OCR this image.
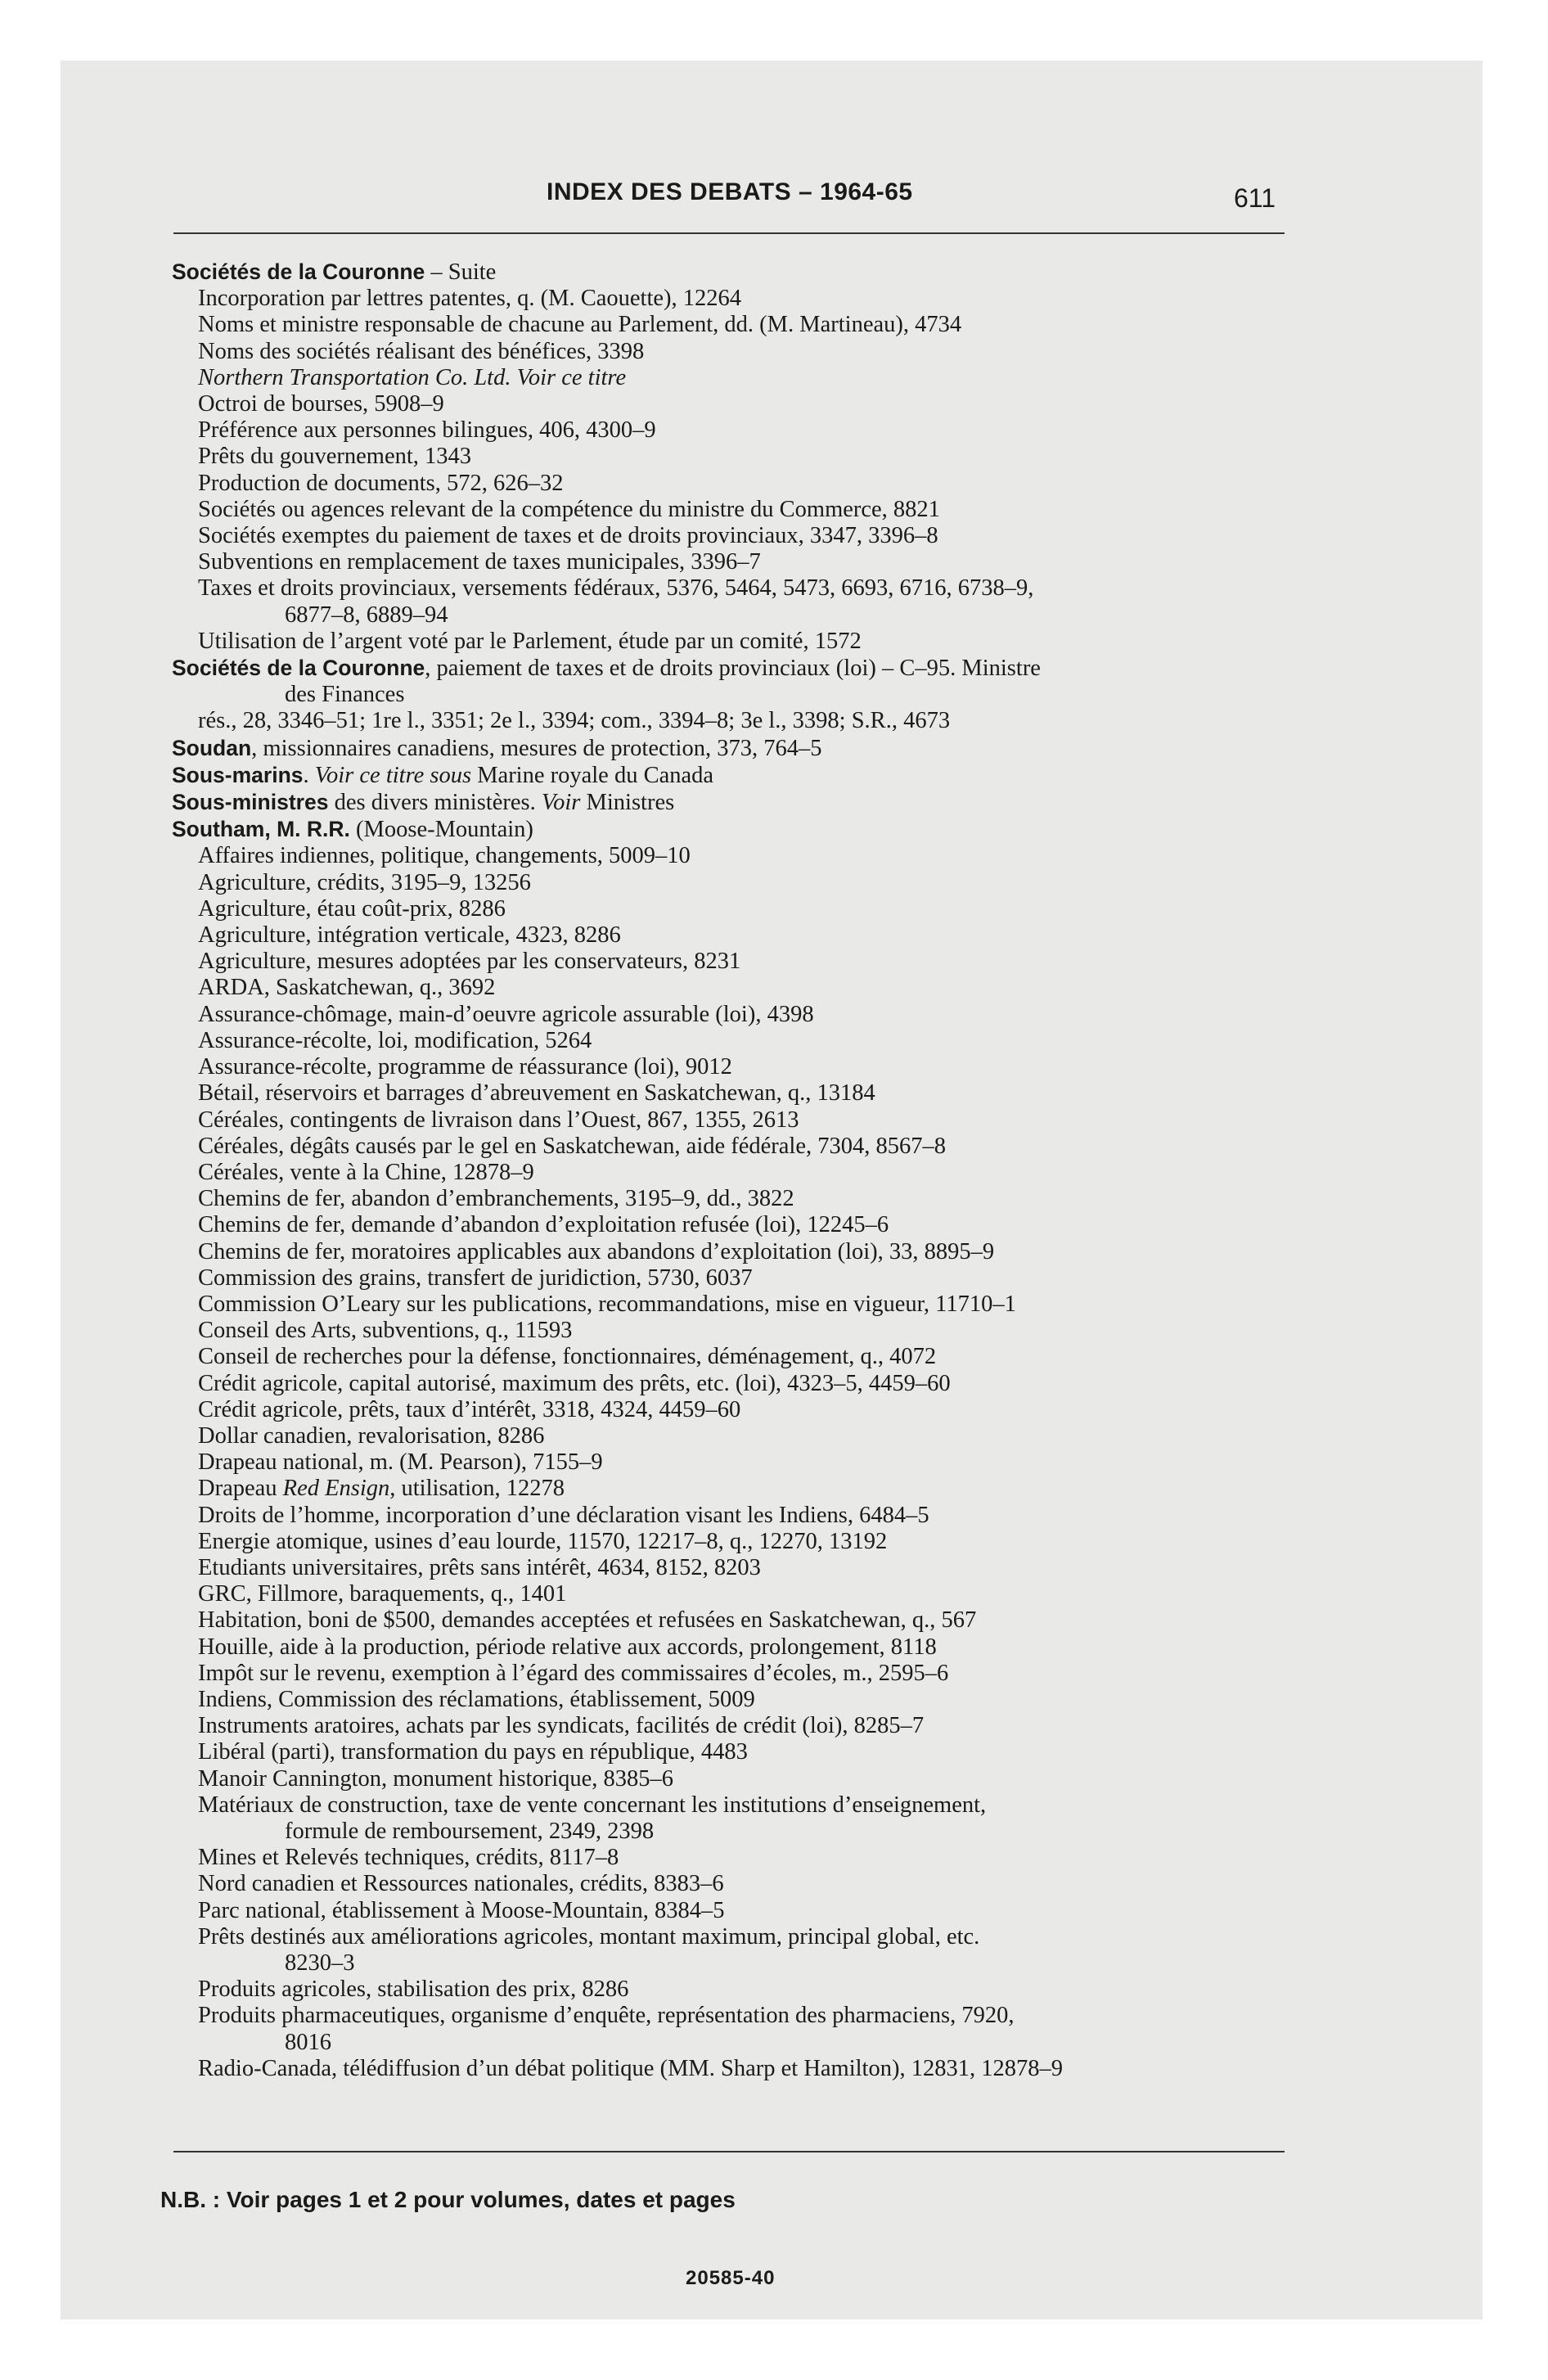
INDEX DES DEBATS – 1964-65	611
Sociétés de la Couronne – Suite
Incorporation par lettres patentes, q. (M. Caouette), 12264
Noms et ministre responsable de chacune au Parlement, dd. (M. Martineau), 4734
Noms des sociétés réalisant des bénéfices, 3398
Northern Transportation Co. Ltd. Voir ce titre
Octroi de bourses, 5908–9
Préférence aux personnes bilingues, 406, 4300–9
Prêts du gouvernement, 1343
Production de documents, 572, 626–32
Sociétés ou agences relevant de la compétence du ministre du Commerce, 8821
Sociétés exemptes du paiement de taxes et de droits provinciaux, 3347, 3396–8
Subventions en remplacement de taxes municipales, 3396–7
Taxes et droits provinciaux, versements fédéraux, 5376, 5464, 5473, 6693, 6716, 6738–9,
6877–8, 6889–94
Utilisation de l’argent voté par le Parlement, étude par un comité, 1572
Sociétés de la Couronne, paiement de taxes et de droits provinciaux (loi) – C–95. Ministre
des Finances
rés., 28, 3346–51; 1re l., 3351; 2e l., 3394; com., 3394–8; 3e l., 3398; S.R., 4673
Soudan, missionnaires canadiens, mesures de protection, 373, 764–5
Sous-marins. Voir ce titre sous Marine royale du Canada
Sous-ministres des divers ministères. Voir Ministres
Southam, M. R.R. (Moose-Mountain)
Affaires indiennes, politique, changements, 5009–10
Agriculture, crédits, 3195–9, 13256
Agriculture, étau coût-prix, 8286
Agriculture, intégration verticale, 4323, 8286
Agriculture, mesures adoptées par les conservateurs, 8231
ARDA, Saskatchewan, q., 3692
Assurance-chômage, main-d’oeuvre agricole assurable (loi), 4398
Assurance-récolte, loi, modification, 5264
Assurance-récolte, programme de réassurance (loi), 9012
Bétail, réservoirs et barrages d’abreuvement en Saskatchewan, q., 13184
Céréales, contingents de livraison dans l’Ouest, 867, 1355, 2613
Céréales, dégâts causés par le gel en Saskatchewan, aide fédérale, 7304, 8567–8
Céréales, vente à la Chine, 12878–9
Chemins de fer, abandon d’embranchements, 3195–9, dd., 3822
Chemins de fer, demande d’abandon d’exploitation refusée (loi), 12245–6
Chemins de fer, moratoires applicables aux abandons d’exploitation (loi), 33, 8895–9
Commission des grains, transfert de juridiction, 5730, 6037
Commission O’Leary sur les publications, recommandations, mise en vigueur, 11710–1
Conseil des Arts, subventions, q., 11593
Conseil de recherches pour la défense, fonctionnaires, déménagement, q., 4072
Crédit agricole, capital autorisé, maximum des prêts, etc. (loi), 4323–5, 4459–60
Crédit agricole, prêts, taux d’intérêt, 3318, 4324, 4459–60
Dollar canadien, revalorisation, 8286
Drapeau national, m. (M. Pearson), 7155–9
Drapeau Red Ensign, utilisation, 12278
Droits de l’homme, incorporation d’une déclaration visant les Indiens, 6484–5
Energie atomique, usines d’eau lourde, 11570, 12217–8, q., 12270, 13192
Etudiants universitaires, prêts sans intérêt, 4634, 8152, 8203
GRC, Fillmore, baraquements, q., 1401
Habitation, boni de $500, demandes acceptées et refusées en Saskatchewan, q., 567
Houille, aide à la production, période relative aux accords, prolongement, 8118
Impôt sur le revenu, exemption à l’égard des commissaires d’écoles, m., 2595–6
Indiens, Commission des réclamations, établissement, 5009
Instruments aratoires, achats par les syndicats, facilités de crédit (loi), 8285–7
Libéral (parti), transformation du pays en république, 4483
Manoir Cannington, monument historique, 8385–6
Matériaux de construction, taxe de vente concernant les institutions d’enseignement,
formule de remboursement, 2349, 2398
Mines et Relevés techniques, crédits, 8117–8
Nord canadien et Ressources nationales, crédits, 8383–6
Parc national, établissement à Moose-Mountain, 8384–5
Prêts destinés aux améliorations agricoles, montant maximum, principal global, etc.
8230–3
Produits agricoles, stabilisation des prix, 8286
Produits pharmaceutiques, organisme d’enquête, représentation des pharmaciens, 7920,
8016
Radio-Canada, télédiffusion d’un débat politique (MM. Sharp et Hamilton), 12831, 12878–9
N.B. : Voir pages 1 et 2 pour volumes, dates et pages
20585-40
